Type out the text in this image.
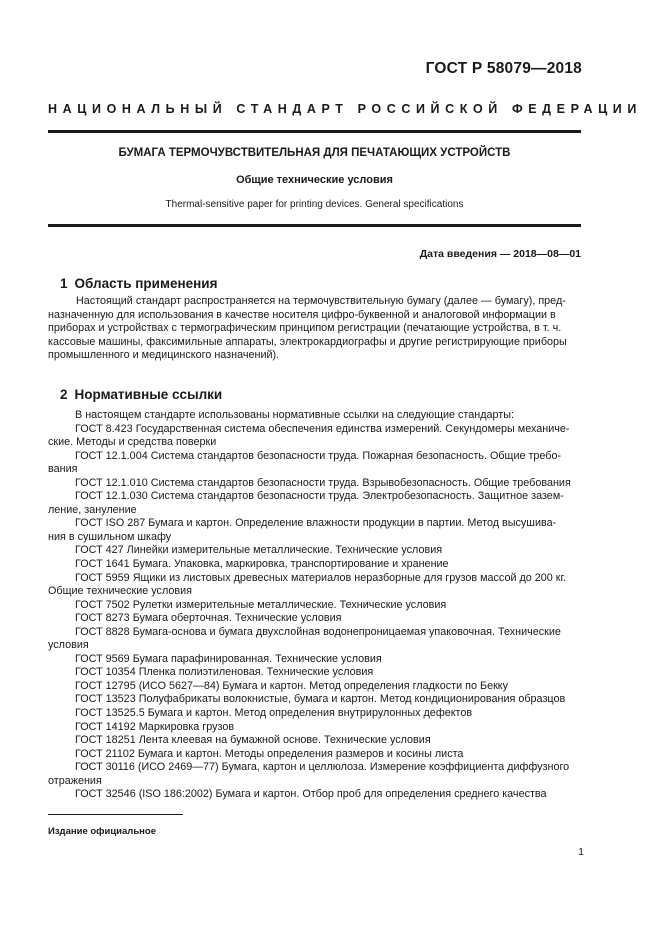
ГОСТ Р 58079—2018
НАЦИОНАЛЬНЫЙ СТАНДАРТ РОССИЙСКОЙ ФЕДЕРАЦИИ
БУМАГА ТЕРМОЧУВСТВИТЕЛЬНАЯ ДЛЯ ПЕЧАТАЮЩИХ УСТРОЙСТВ
Общие технические условия
Thermal-sensitive paper for printing devices. General specifications
Дата введения — 2018—08—01
1 Область применения
Настоящий стандарт распространяется на термочувствительную бумагу (далее — бумагу), пред-
назначенную для использования в качестве носителя цифро-буквенной и аналоговой информации в
приборах и устройствах с термографическим принципом регистрации (печатающие устройства, в т. ч.
кассовые машины, факсимильные аппараты, электрокардиографы и другие регистрирующие приборы
промышленного и медицинского назначений).
2 Нормативные ссылки
В настоящем стандарте использованы нормативные ссылки на следующие стандарты:
ГОСТ 8.423 Государственная система обеспечения единства измерений. Секундомеры механиче-
ские. Методы и средства поверки
ГОСТ 12.1.004 Система стандартов безопасности труда. Пожарная безопасность. Общие требо-
вания
ГОСТ 12.1.010 Система стандартов безопасности труда. Взрывобезопасность. Общие требования
ГОСТ 12.1.030 Система стандартов безопасности труда. Электробезопасность. Защитное зазем-
ление, зануление
ГОСТ ISO 287 Бумага и картон. Определение влажности продукции в партии. Метод высушива-
ния в сушильном шкафу
ГОСТ 427 Линейки измерительные металлические. Технические условия
ГОСТ 1641 Бумага. Упаковка, маркировка, транспортирование и хранение
ГОСТ 5959 Ящики из листовых древесных материалов неразборные для грузов массой до 200 кг.
Общие технические условия
ГОСТ 7502 Рулетки измерительные металлические. Технические условия
ГОСТ 8273 Бумага оберточная. Технические условия
ГОСТ 8828 Бумага-основа и бумага двухслойная водонепроницаемая упаковочная. Технические
условия
ГОСТ 9569 Бумага парафинированная. Технические условия
ГОСТ 10354 Пленка полиэтиленовая. Технические условия
ГОСТ 12795 (ИСО 5627—84) Бумага и картон. Метод определения гладкости по Бекку
ГОСТ 13523 Полуфабрикаты волокнистые, бумага и картон. Метод кондиционирования образцов
ГОСТ 13525.5 Бумага и картон. Метод определения внутрирулонных дефектов
ГОСТ 14192 Маркировка грузов
ГОСТ 18251 Лента клеевая на бумажной основе. Технические условия
ГОСТ 21102 Бумага и картон. Методы определения размеров и косины листа
ГОСТ 30116 (ИСО 2469—77) Бумага, картон и целлюлоза. Измерение коэффициента диффузного
отражения
ГОСТ 32546 (ISO 186:2002) Бумага и картон. Отбор проб для определения среднего качества
Издание официальное
1
